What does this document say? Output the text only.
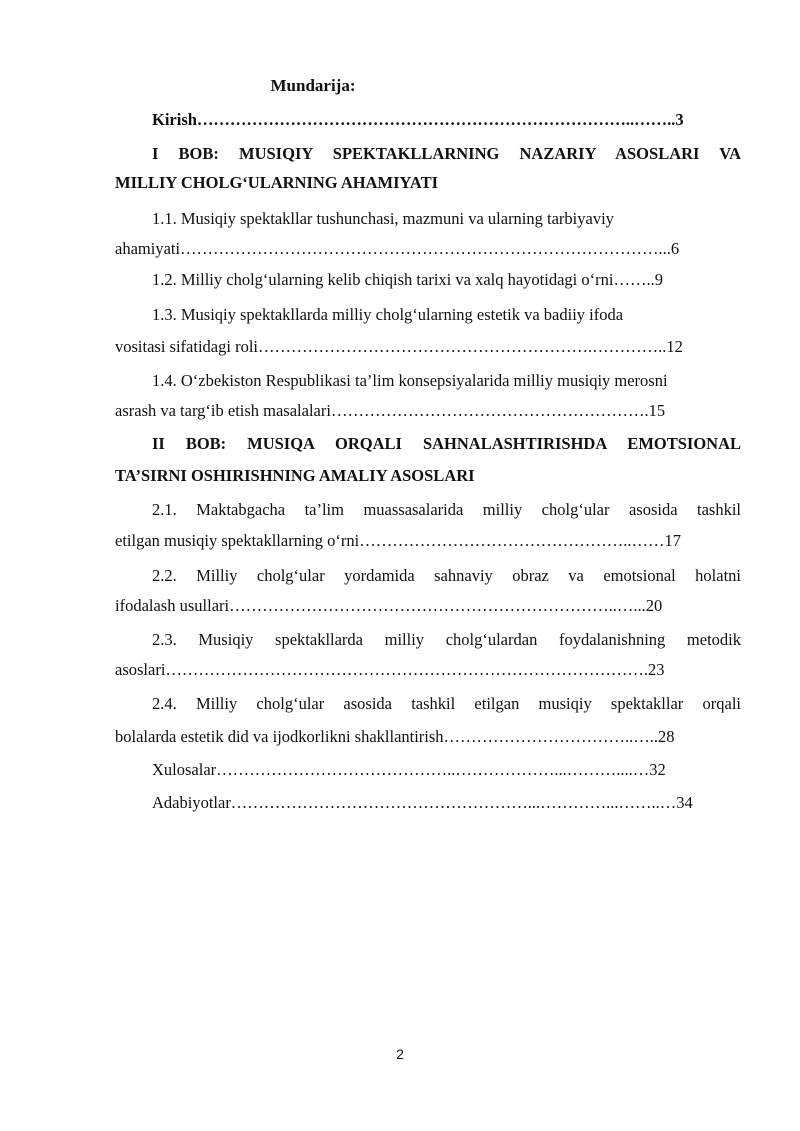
Mundarija:
Kirish……………………………………………………………………..……..3
I BOB: MUSIQIY SPEKTAKLLARNING NAZARIY ASOSLARI VA
MILLIY CHOLG‘ULARNING AHAMIYATI
1.1. Musiqiy spektakllar tushunchasi, mazmuni va ularning tarbiyaviy
ahamiyati……………………………………………………………………………...6
1.2. Milliy cholg‘ularning kelib chiqish tarixi va xalq hayotidagi o‘rni……..9
1.3. Musiqiy spektakllarda milliy cholg‘ularning estetik va badiiy ifoda
vositasi sifatidagi roli…………………………………………………….…………..12
1.4. O‘zbekiston Respublikasi ta’lim konsepsiyalarida milliy musiqiy merosni
asrash va targ‘ib etish masalalari………………………………………………….15
II BOB: MUSIQA ORQALI SAHNALASHTIRISHDA EMOTSIONAL
TA’SIRNI OSHIRISHNING AMALIY ASOSLARI
2.1. Maktabgacha ta’lim muassasalarida milliy cholg‘ular asosida tashkil
etilgan musiqiy spektakllarning o‘rni…………………………………………..……17
2.2. Milliy cholg‘ular yordamida sahnaviy obraz va emotsional holatni
ifodalash usullari……………………………………………………………..…...20
2.3. Musiqiy spektakllarda milliy cholg‘ulardan foydalanishning metodik
asoslari…………………………………………………………………………….23
2.4. Milliy cholg‘ular asosida tashkil etilgan musiqiy spektakllar orqali
bolalarda estetik did va ijodkorlikni shakllantirish……………………………..…..28
Xulosalar……………………………………..………………...………....…32
Adabiyotlar………………………………………………...…………...……..…34
2
